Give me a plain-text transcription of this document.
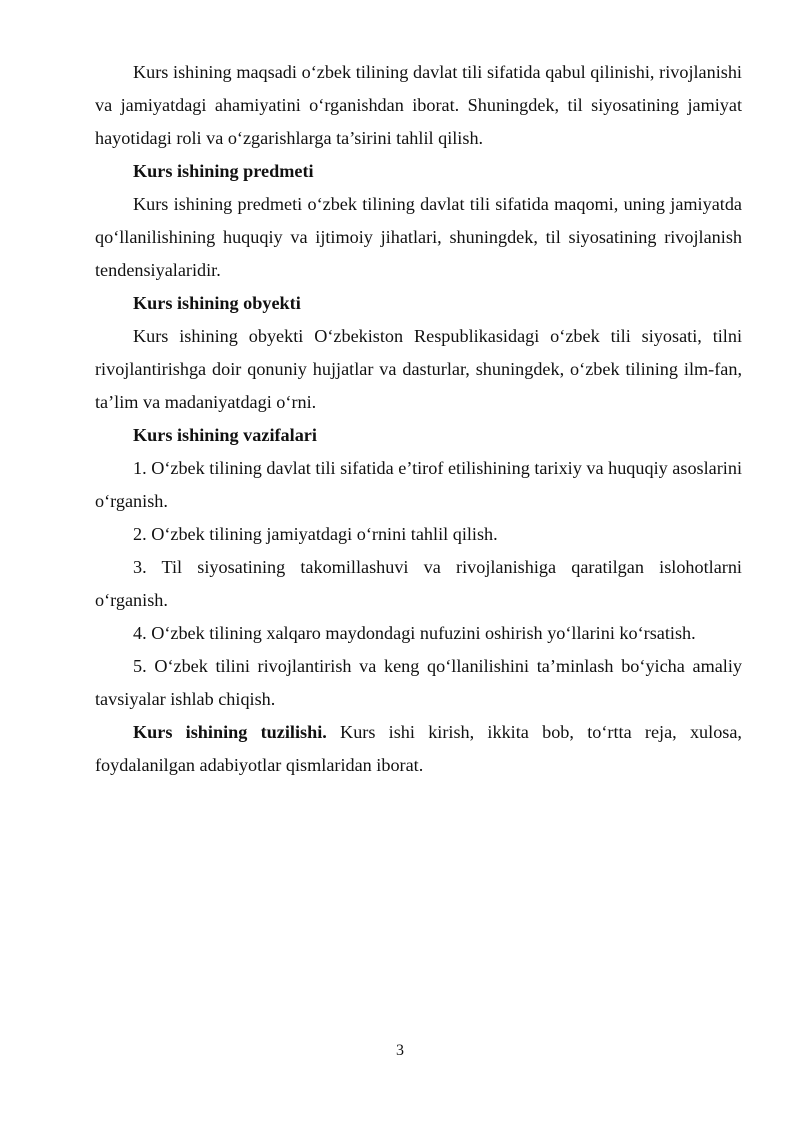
Kurs ishining maqsadi o‘zbek tilining davlat tili sifatida qabul qilinishi, rivojlanishi va jamiyatdagi ahamiyatini o‘rganishdan iborat. Shuningdek, til siyosatining jamiyat hayotidagi roli va o‘zgarishlarga ta’sirini tahlil qilish.

Kurs ishining predmeti

Kurs ishining predmeti o‘zbek tilining davlat tili sifatida maqomi, uning jamiyatda qo‘llanilishining huquqiy va ijtimoiy jihatlari, shuningdek, til siyosatining rivojlanish tendensiyalaridir.

Kurs ishining obyekti

Kurs ishining obyekti O‘zbekiston Respublikasidagi o‘zbek tili siyosati, tilni rivojlantirishga doir qonuniy hujjatlar va dasturlar, shuningdek, o‘zbek tilining ilm-fan, ta’lim va madaniyatdagi o‘rni.

Kurs ishining vazifalari

1. O‘zbek tilining davlat tili sifatida e’tirof etilishining tarixiy va huquqiy asoslarini o‘rganish.

2. O‘zbek tilining jamiyatdagi o‘rnini tahlil qilish.

3. Til siyosatining takomillashuvi va rivojlanishiga qaratilgan islohotlarni o‘rganish.

4. O‘zbek tilining xalqaro maydondagi nufuzini oshirish yo‘llarini ko‘rsatish.

5. O‘zbek tilini rivojlantirish va keng qo‘llanilishini ta’minlash bo‘yicha amaliy tavsiyalar ishlab chiqish.

Kurs ishining tuzilishi. Kurs ishi kirish, ikkita bob, to‘rtta reja, xulosa, foydalanilgan adabiyotlar qismlaridan iborat.

3
